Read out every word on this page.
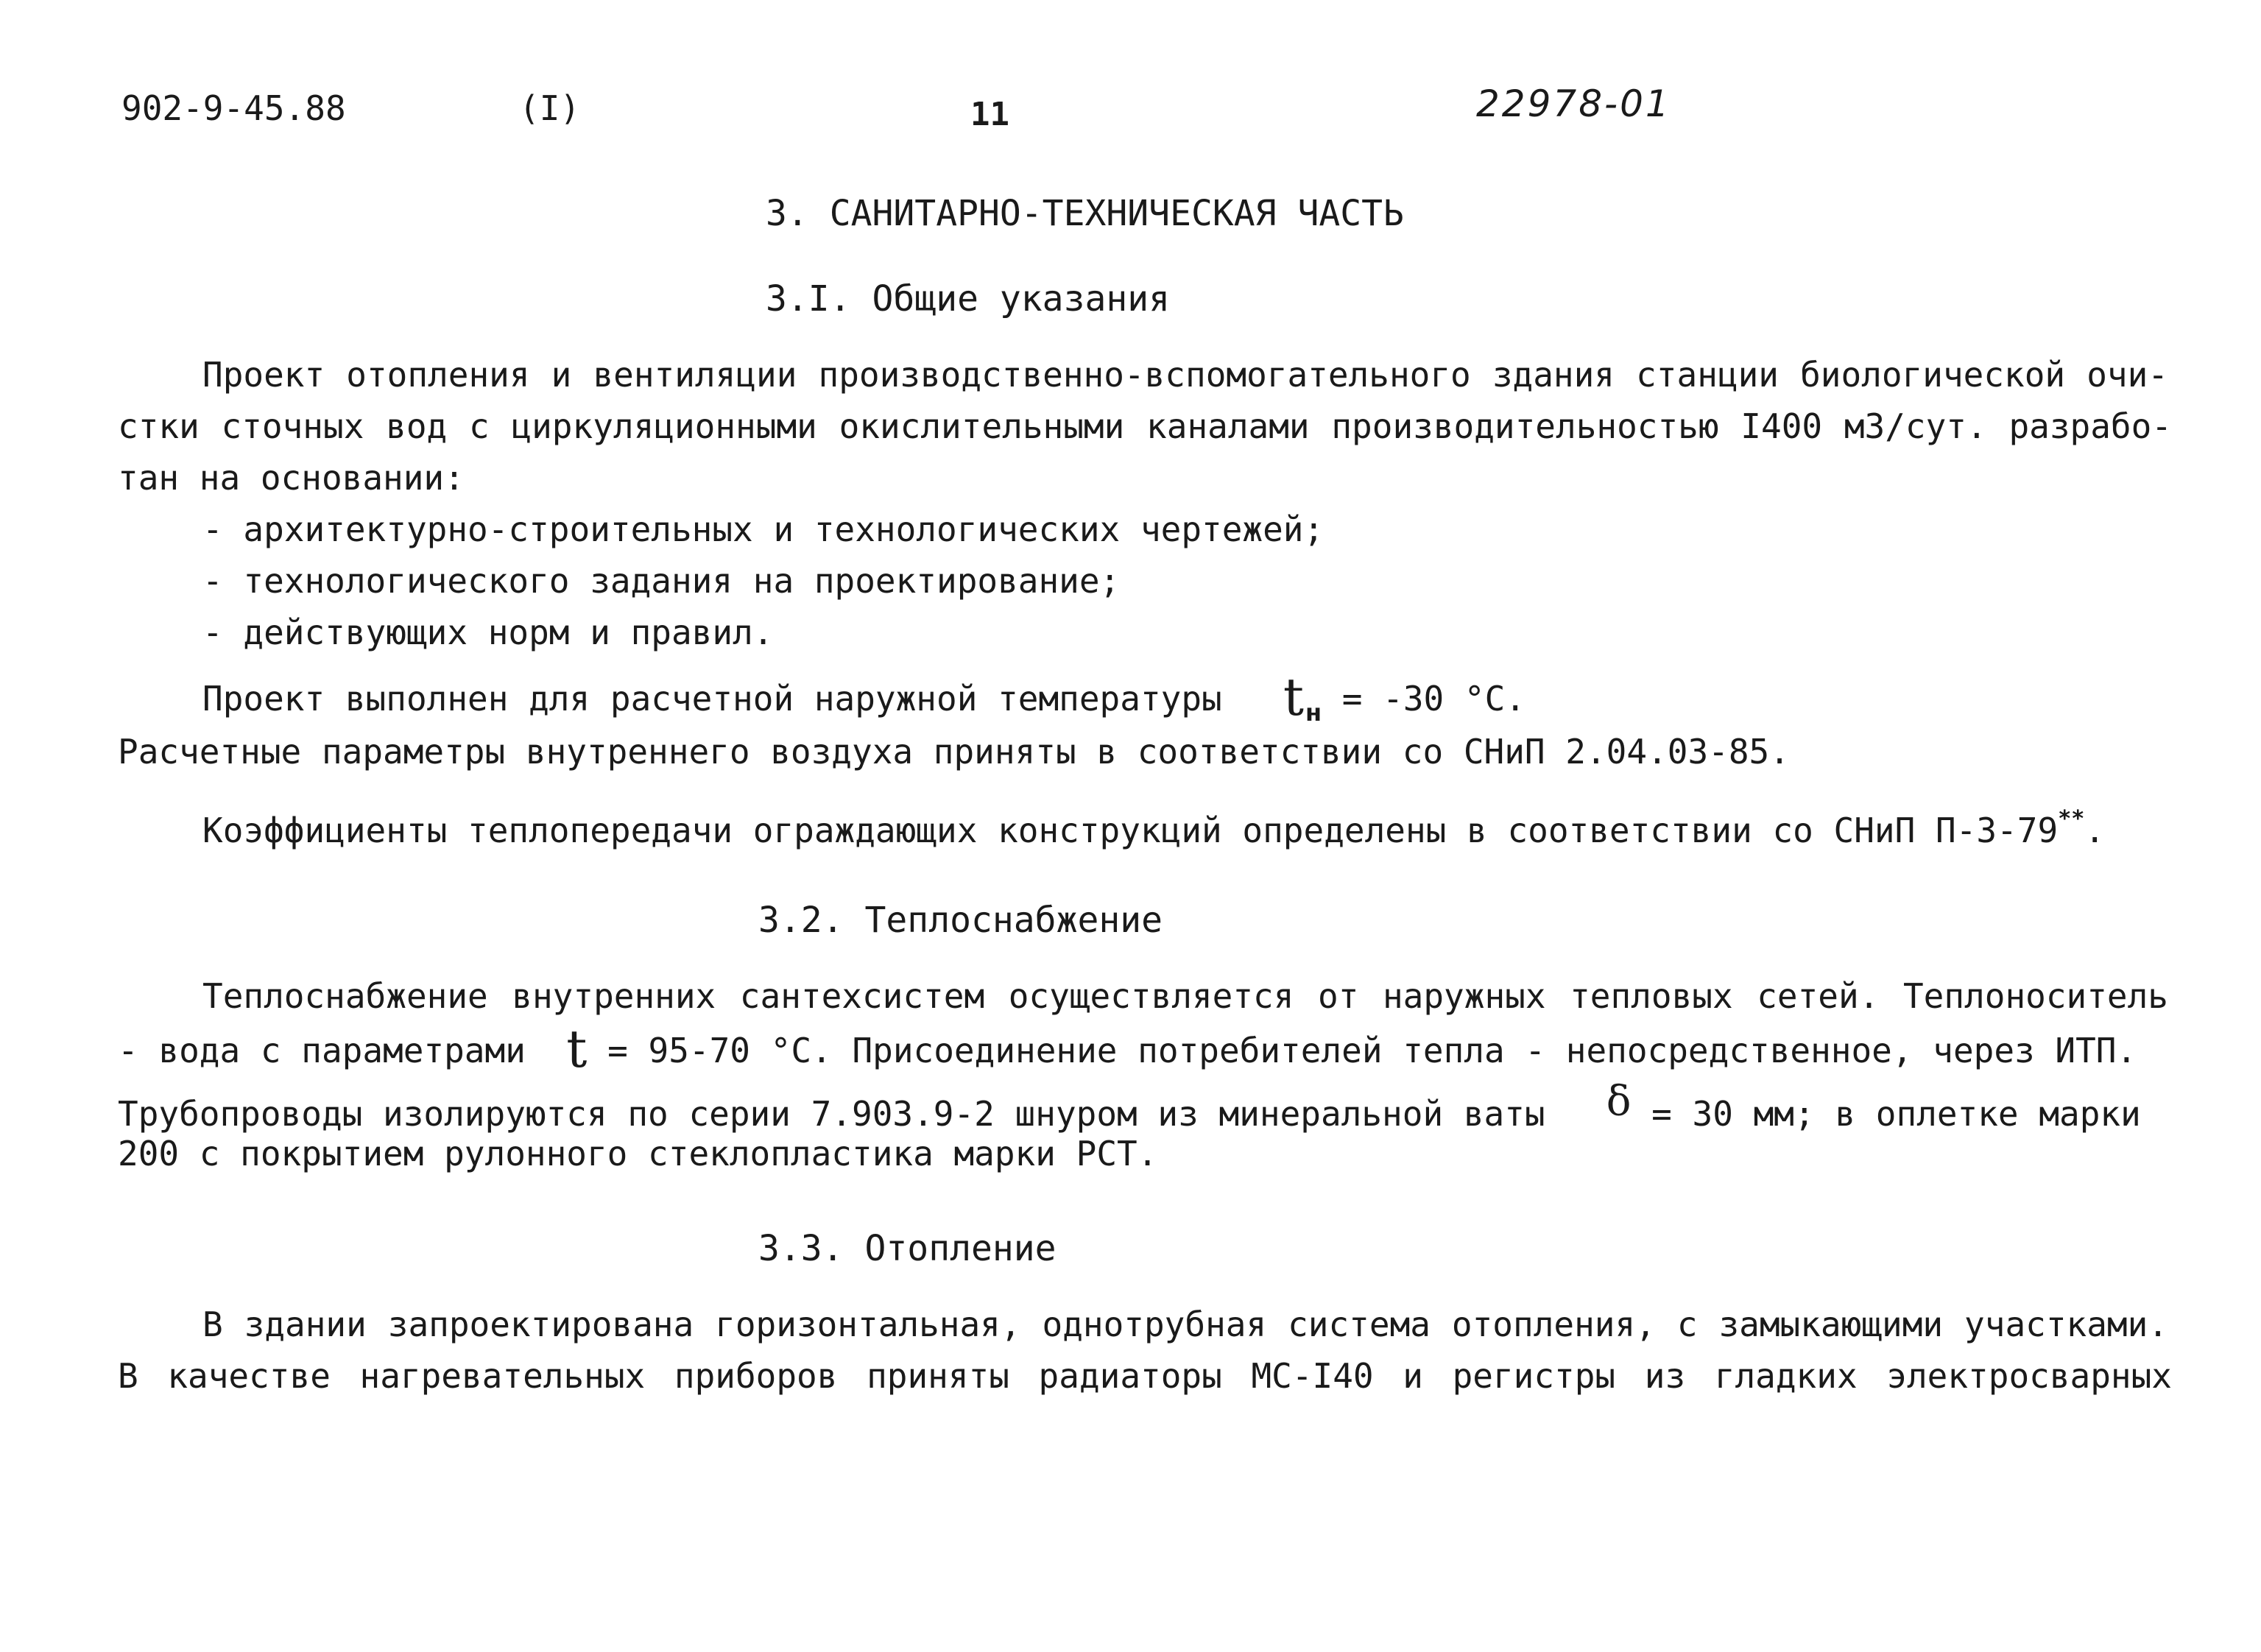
902-9-45.88	(I)	11	22978-01
3. САНИТАРНО-ТЕХНИЧЕСКАЯ ЧАСТЬ
3.I. Общие указания
Проект отопления и вентиляции производственно-вспомогательного здания станции биологической очи-
стки сточных вод с циркуляционными окислительными каналами производительностью I400 м3/сут. разрабо-
тан на основании:
- архитектурно-строительных и технологических чертежей;
- технологического задания на проектирование;
- действующих норм и правил.
Проект выполнен для расчетной наружной температуры $t_н = -30$ °С.
Расчетные параметры внутреннего воздуха приняты в соответствии со СНиП 2.04.03-85.
Коэффициенты теплопередачи ограждающих конструкций определены в соответствии со СНиП П-3-79**.
3.2. Теплоснабжение
Теплоснабжение внутренних сантехсистем осуществляется от наружных тепловых сетей. Теплоноситель
- вода с параметрами t = 95-70 °С. Присоединение потребителей тепла - непосредственное, через ИТП.
Трубопроводы изолируются по серии 7.903.9-2 шнуром из минеральной ваты δ = 30 мм; в оплетке марки
200 с покрытием рулонного стеклопластика марки РСТ.
3.3. Отопление
В здании запроектирована горизонтальная, однотрубная система отопления, с замыкающими участками.
В качестве нагревательных приборов приняты радиаторы МС-I40 и регистры из гладких электросварных
